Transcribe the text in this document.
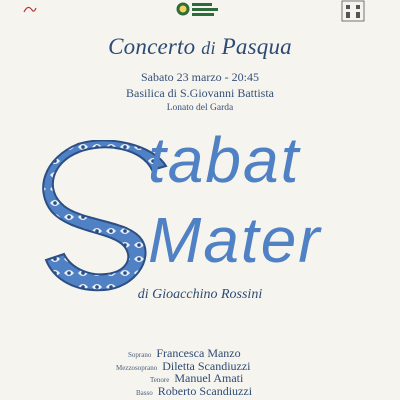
Concerto di Pasqua
Sabato 23 marzo - 20:45
Basilica di S.Giovanni Battista
Lonato del Garda
tabat
Mater
di Gioacchino Rossini
Soprano Francesca Manzo
Mezzosoprano Diletta Scandiuzzi
Tenore Manuel Amati
Basso Roberto Scandiuzzi
